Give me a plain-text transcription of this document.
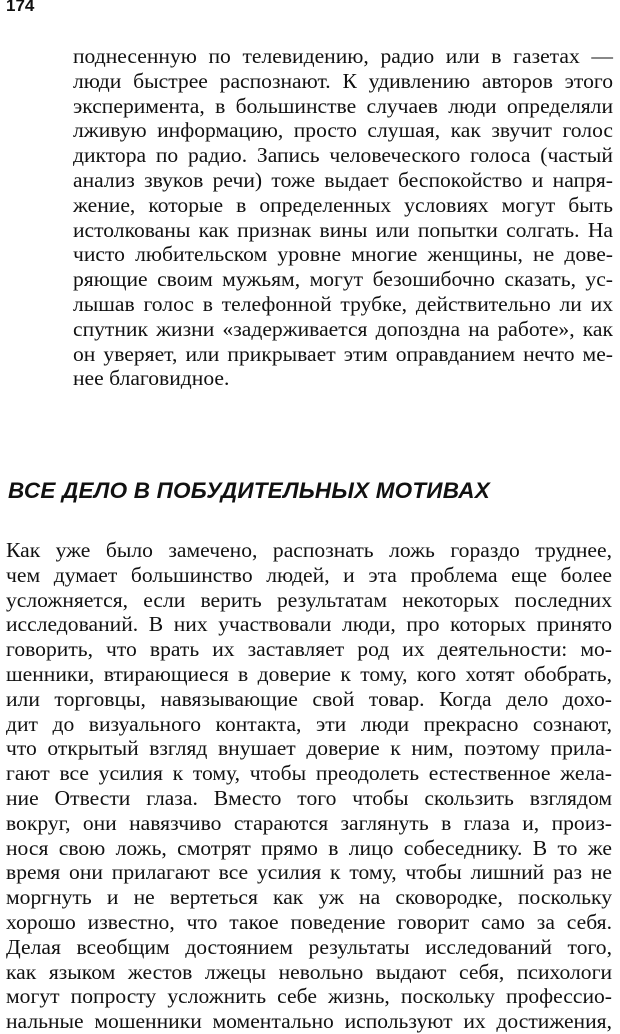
174
поднесенную по телевидению, радио или в газетах —
люди быстрее распознают. К удивлению авторов этого
эксперимента, в большинстве случаев люди определяли
лживую информацию, просто слушая, как звучит голос
диктора по радио. Запись человеческого голоса (частый
анализ звуков речи) тоже выдает беспокойство и напря-
жение, которые в определенных условиях могут быть
истолкованы как признак вины или попытки солгать. На
чисто любительском уровне многие женщины, не дове-
ряющие своим мужьям, могут безошибочно сказать, ус-
лышав голос в телефонной трубке, действительно ли их
спутник жизни «задерживается допоздна на работе», как
он уверяет, или прикрывает этим оправданием нечто ме-
нее благовидное.
ВСЕ ДЕЛО В ПОБУДИТЕЛЬНЫХ МОТИВАХ
Как уже было замечено, распознать ложь гораздо труднее,
чем думает большинство людей, и эта проблема еще более
усложняется, если верить результатам некоторых последних
исследований. В них участвовали люди, про которых принято
говорить, что врать их заставляет род их деятельности: мо-
шенники, втирающиеся в доверие к тому, кого хотят обобрать,
или торговцы, навязывающие свой товар. Когда дело дохо-
дит до визуального контакта, эти люди прекрасно сознают,
что открытый взгляд внушает доверие к ним, поэтому прила-
гают все усилия к тому, чтобы преодолеть естественное жела-
ние Отвести глаза. Вместо того чтобы скользить взглядом
вокруг, они навязчиво стараются заглянуть в глаза и, произ-
нося свою ложь, смотрят прямо в лицо собеседнику. В то же
время они прилагают все усилия к тому, чтобы лишний раз не
моргнуть и не вертеться как уж на сковородке, поскольку
хорошо известно, что такое поведение говорит само за себя.
Делая всеобщим достоянием результаты исследований того,
как языком жестов лжецы невольно выдают себя, психологи
могут попросту усложнить себе жизнь, поскольку профессио-
нальные мошенники моментально используют их достижения,
